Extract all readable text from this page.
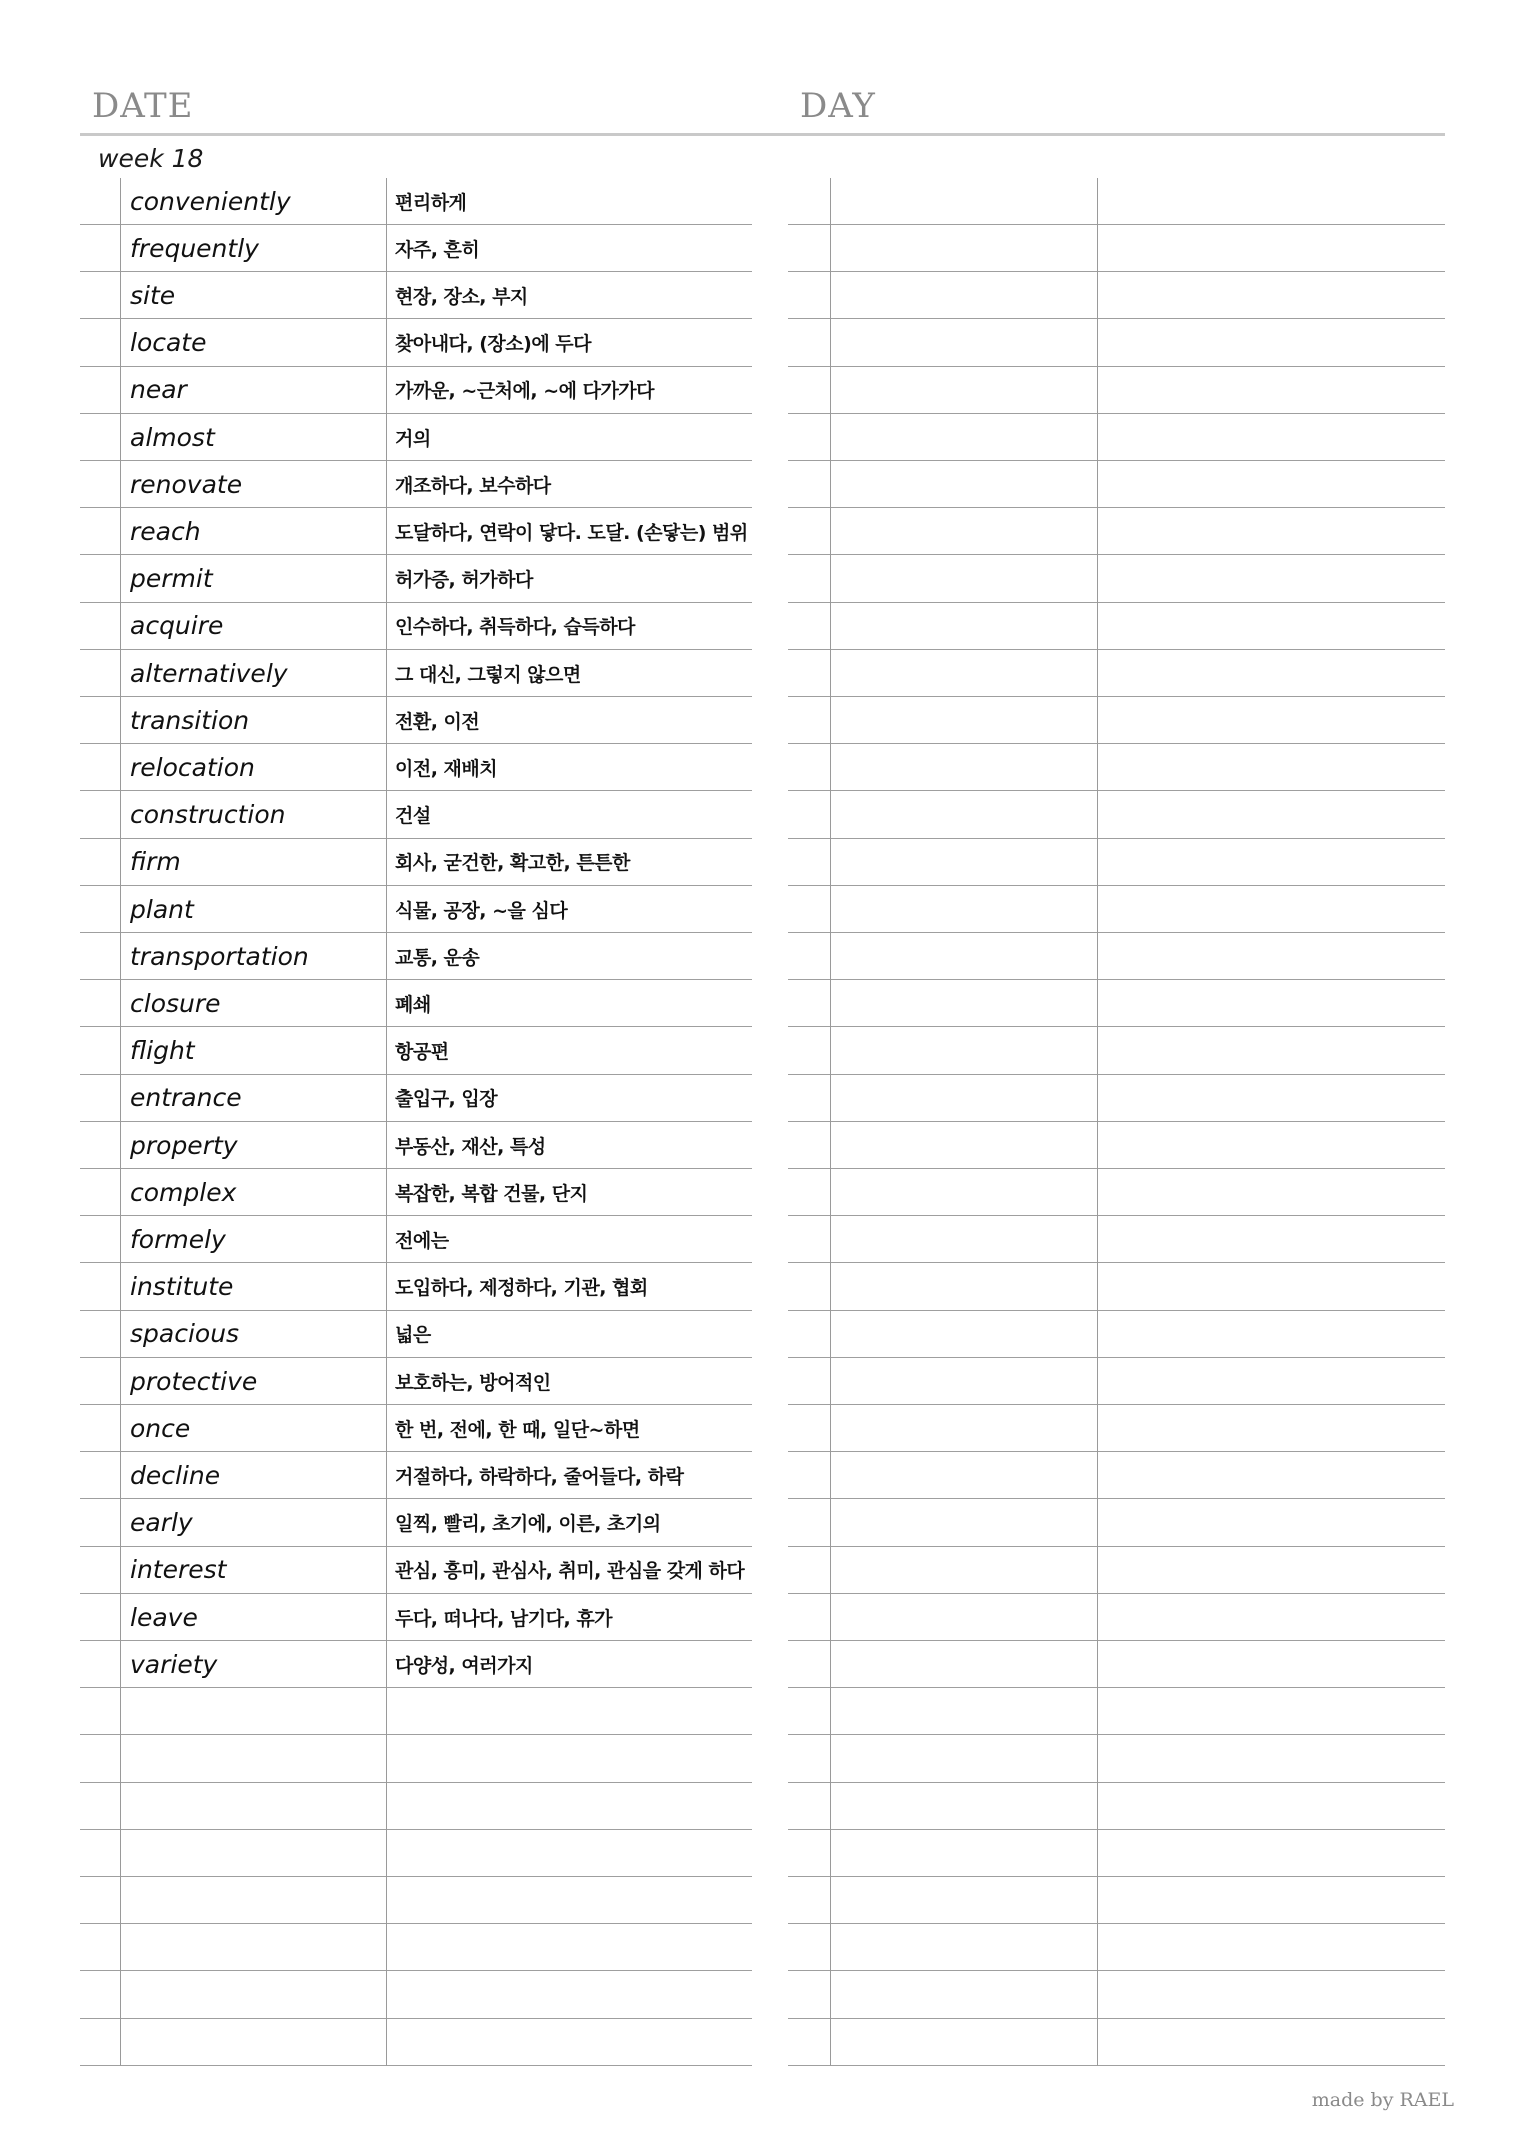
DATE	DAY
week 18
conveniently	편리하게
frequently	자주, 흔히
site	현장, 장소, 부지
locate	찾아내다, (장소)에 두다
near	가까운, ~근처에, ~에 다가가다
almost	거의
renovate	개조하다, 보수하다
reach	도달하다, 연락이 닿다. 도달. (손닿는) 범위
permit	허가증, 허가하다
acquire	인수하다, 취득하다, 습득하다
alternatively	그 대신, 그렇지 않으면
transition	전환, 이전
relocation	이전, 재배치
construction	건설
firm	회사, 굳건한, 확고한, 튼튼한
plant	식물, 공장, ~을 심다
transportation	교통, 운송
closure	폐쇄
flight	항공편
entrance	출입구, 입장
property	부동산, 재산, 특성
complex	복잡한, 복합 건물, 단지
formely	전에는
institute	도입하다, 제정하다, 기관, 협회
spacious	넓은
protective	보호하는, 방어적인
once	한 번, 전에, 한 때, 일단~하면
decline	거절하다, 하락하다, 줄어들다, 하락
early	일찍, 빨리, 초기에, 이른, 초기의
interest	관심, 흥미, 관심사, 취미, 관심을 갖게 하다
leave	두다, 떠나다, 남기다, 휴가
variety	다양성, 여러가지
made by RAEL
